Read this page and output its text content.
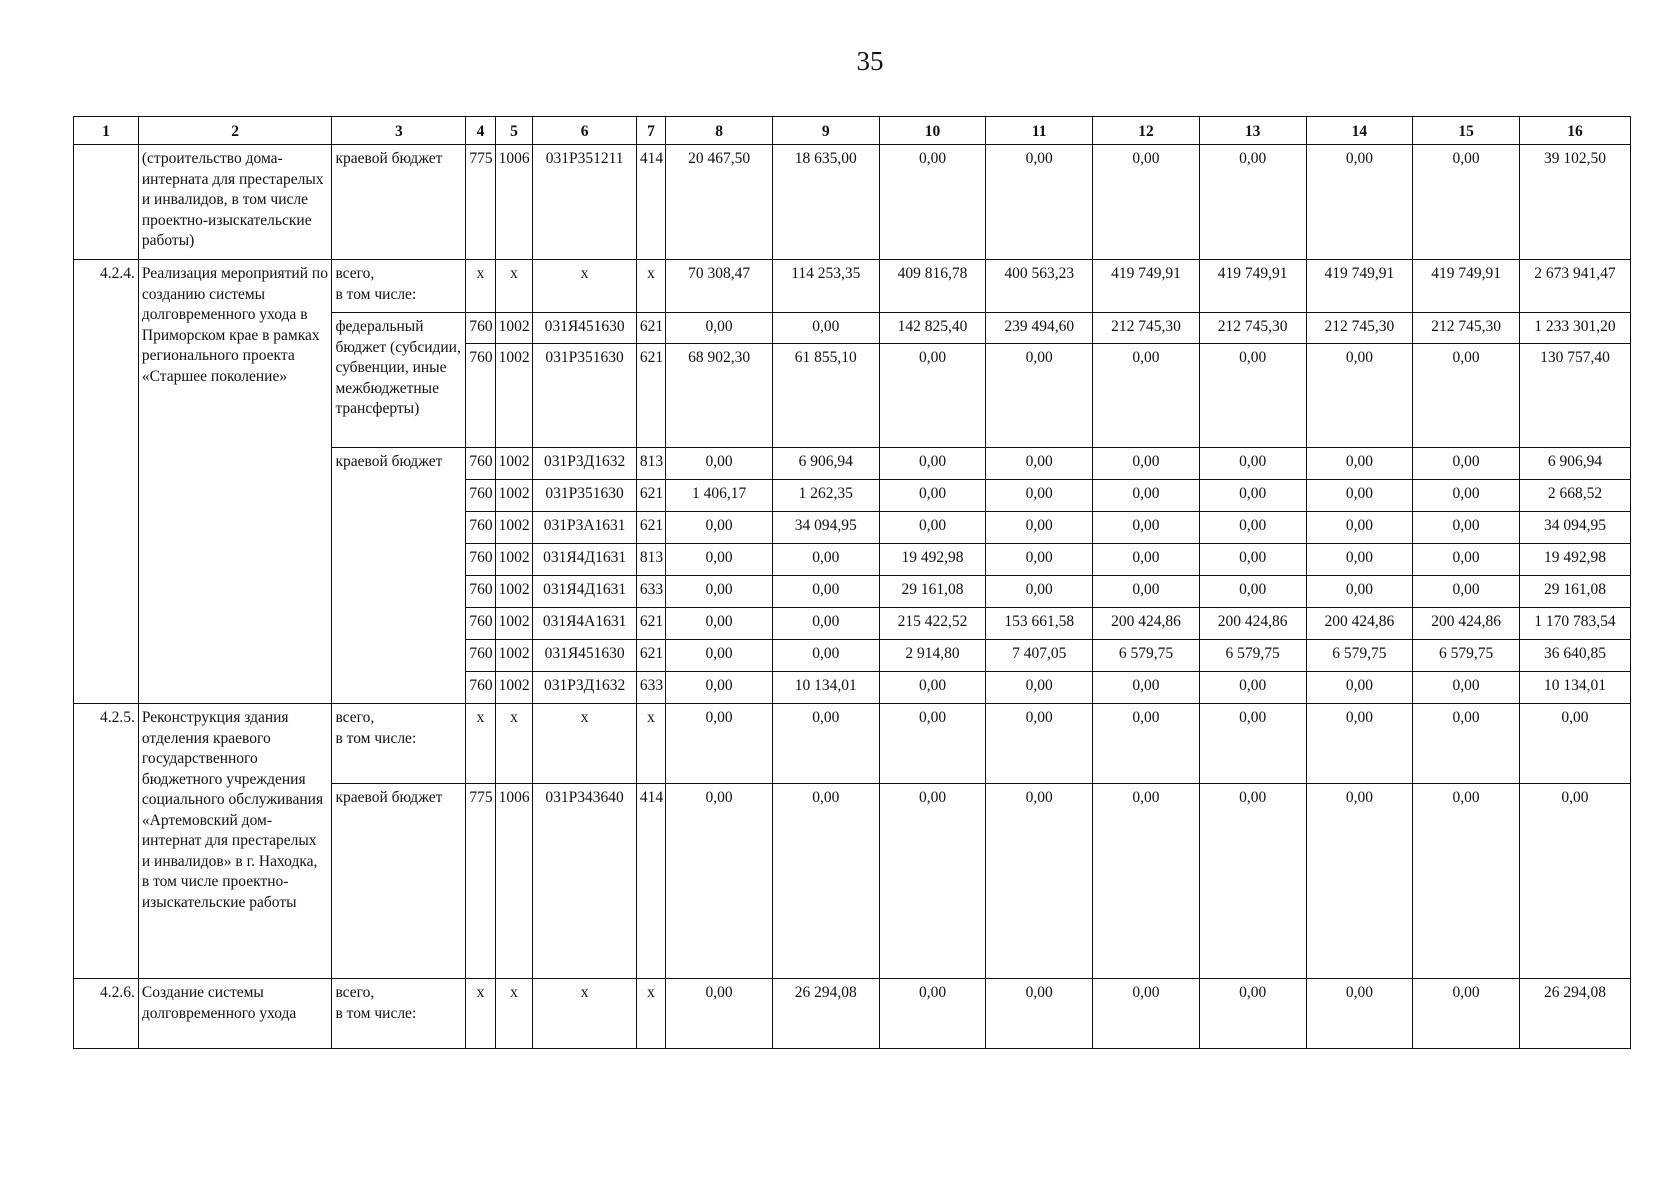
35
1	2	3	4	5	6	7	8	9	10	11	12	13	14	15	16
	(строительство дома-интерната для престарелых и инвалидов, в том числе проектно-изыскательские работы)	краевой бюджет	775	1006	031Р351211	414	20 467,50	18 635,00	0,00	0,00	0,00	0,00	0,00	0,00	39 102,50
4.2.4.	Реализация мероприятий по созданию системы долговременного ухода в Приморском крае в рамках регионального проекта «Старшее поколение»	всего,
в том числе:	x	x	x	x	70 308,47	114 253,35	409 816,78	400 563,23	419 749,91	419 749,91	419 749,91	419 749,91	2 673 941,47
		федеральный бюджет (субсидии, субвенции, иные межбюджетные трансферты)	760	1002	031Я451630	621	0,00	0,00	142 825,40	239 494,60	212 745,30	212 745,30	212 745,30	212 745,30	1 233 301,20
			760	1002	031Р351630	621	68 902,30	61 855,10	0,00	0,00	0,00	0,00	0,00	0,00	130 757,40
		краевой бюджет	760	1002	031Р3Д1632	813	0,00	6 906,94	0,00	0,00	0,00	0,00	0,00	0,00	6 906,94
			760	1002	031Р351630	621	1 406,17	1 262,35	0,00	0,00	0,00	0,00	0,00	0,00	2 668,52
			760	1002	031Р3А1631	621	0,00	34 094,95	0,00	0,00	0,00	0,00	0,00	0,00	34 094,95
			760	1002	031Я4Д1631	813	0,00	0,00	19 492,98	0,00	0,00	0,00	0,00	0,00	19 492,98
			760	1002	031Я4Д1631	633	0,00	0,00	29 161,08	0,00	0,00	0,00	0,00	0,00	29 161,08
			760	1002	031Я4А1631	621	0,00	0,00	215 422,52	153 661,58	200 424,86	200 424,86	200 424,86	200 424,86	1 170 783,54
			760	1002	031Я451630	621	0,00	0,00	2 914,80	7 407,05	6 579,75	6 579,75	6 579,75	6 579,75	36 640,85
			760	1002	031Р3Д1632	633	0,00	10 134,01	0,00	0,00	0,00	0,00	0,00	0,00	10 134,01
4.2.5.	Реконструкция здания отделения краевого государственного бюджетного учреждения социального обслуживания «Артемовский дом-интернат для престарелых и инвалидов» в г. Находка, в том числе проектно-изыскательские работы	всего,
в том числе:	x	x	x	x	0,00	0,00	0,00	0,00	0,00	0,00	0,00	0,00	0,00
		краевой бюджет	775	1006	031Р343640	414	0,00	0,00	0,00	0,00	0,00	0,00	0,00	0,00	0,00
4.2.6.	Создание системы долговременного ухода	всего,
в том числе:	x	x	x	x	0,00	26 294,08	0,00	0,00	0,00	0,00	0,00	0,00	26 294,08
